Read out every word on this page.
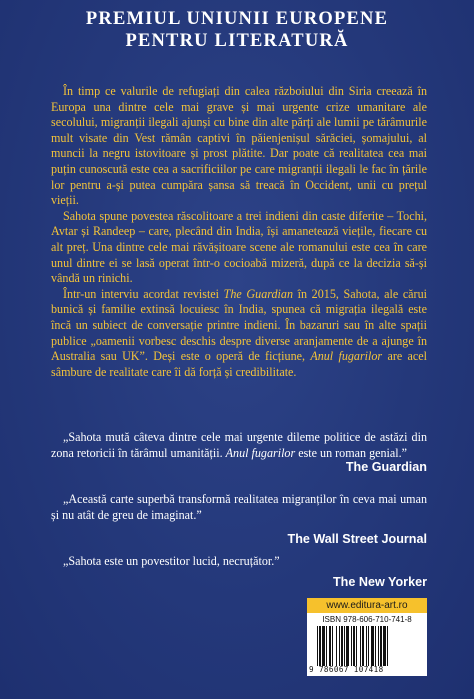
PREMIUL UNIUNII EUROPENE
PENTRU LITERATURĂ

În timp ce valurile de refugiați din calea războiului din Siria creează în Europa una dintre cele mai grave și mai urgente crize umanitare ale secolului, migranții ilegali ajunși cu bine din alte părți ale lumii pe tărâmurile mult visate din Vest rămân captivi în păienjenișul sărăciei, șomajului, al muncii la negru istovitoare și prost plătite. Dar poate că realitatea cea mai puțin cunoscută este cea a sacrificiilor pe care migranții ilegali le fac în țările lor pentru a-și putea cumpăra șansa să treacă în Occident, unii cu prețul vieții.

Sahota spune povestea răscolitoare a trei indieni din caste diferite – Tochi, Avtar și Randeep – care, plecând din India, își amanetează viețile, fiecare cu alt preț. Una dintre cele mai răvășitoare scene ale romanului este cea în care unul dintre ei se lasă operat într-o cocioabă mizeră, după ce la decizia să-și vândă un rinichi.

Într-un interviu acordat revistei The Guardian în 2015, Sahota, ale cărui bunică și familie extinsă locuiesc în India, spunea că migrația ilegală este încă un subiect de conversație printre indieni. În bazaruri sau în alte spații publice „oamenii vorbesc deschis despre diverse aranjamente de a ajunge în Australia sau UK”. Deși este o operă de ficțiune, Anul fugarilor are acel sâmbure de realitate care îi dă forță și credibilitate.

„Sahota mută câteva dintre cele mai urgente dileme politice de astăzi din zona retoricii în tărâmul umanității. Anul fugarilor este un roman genial.”
The Guardian
„Această carte superbă transformă realitatea migranților în ceva mai uman și nu atât de greu de imaginat.”
The Wall Street Journal
„Sahota este un povestitor lucid, necruțător.”
The New Yorker
www.editura-art.ro
ISBN 978-606-710-741-8
9 786067 107418
